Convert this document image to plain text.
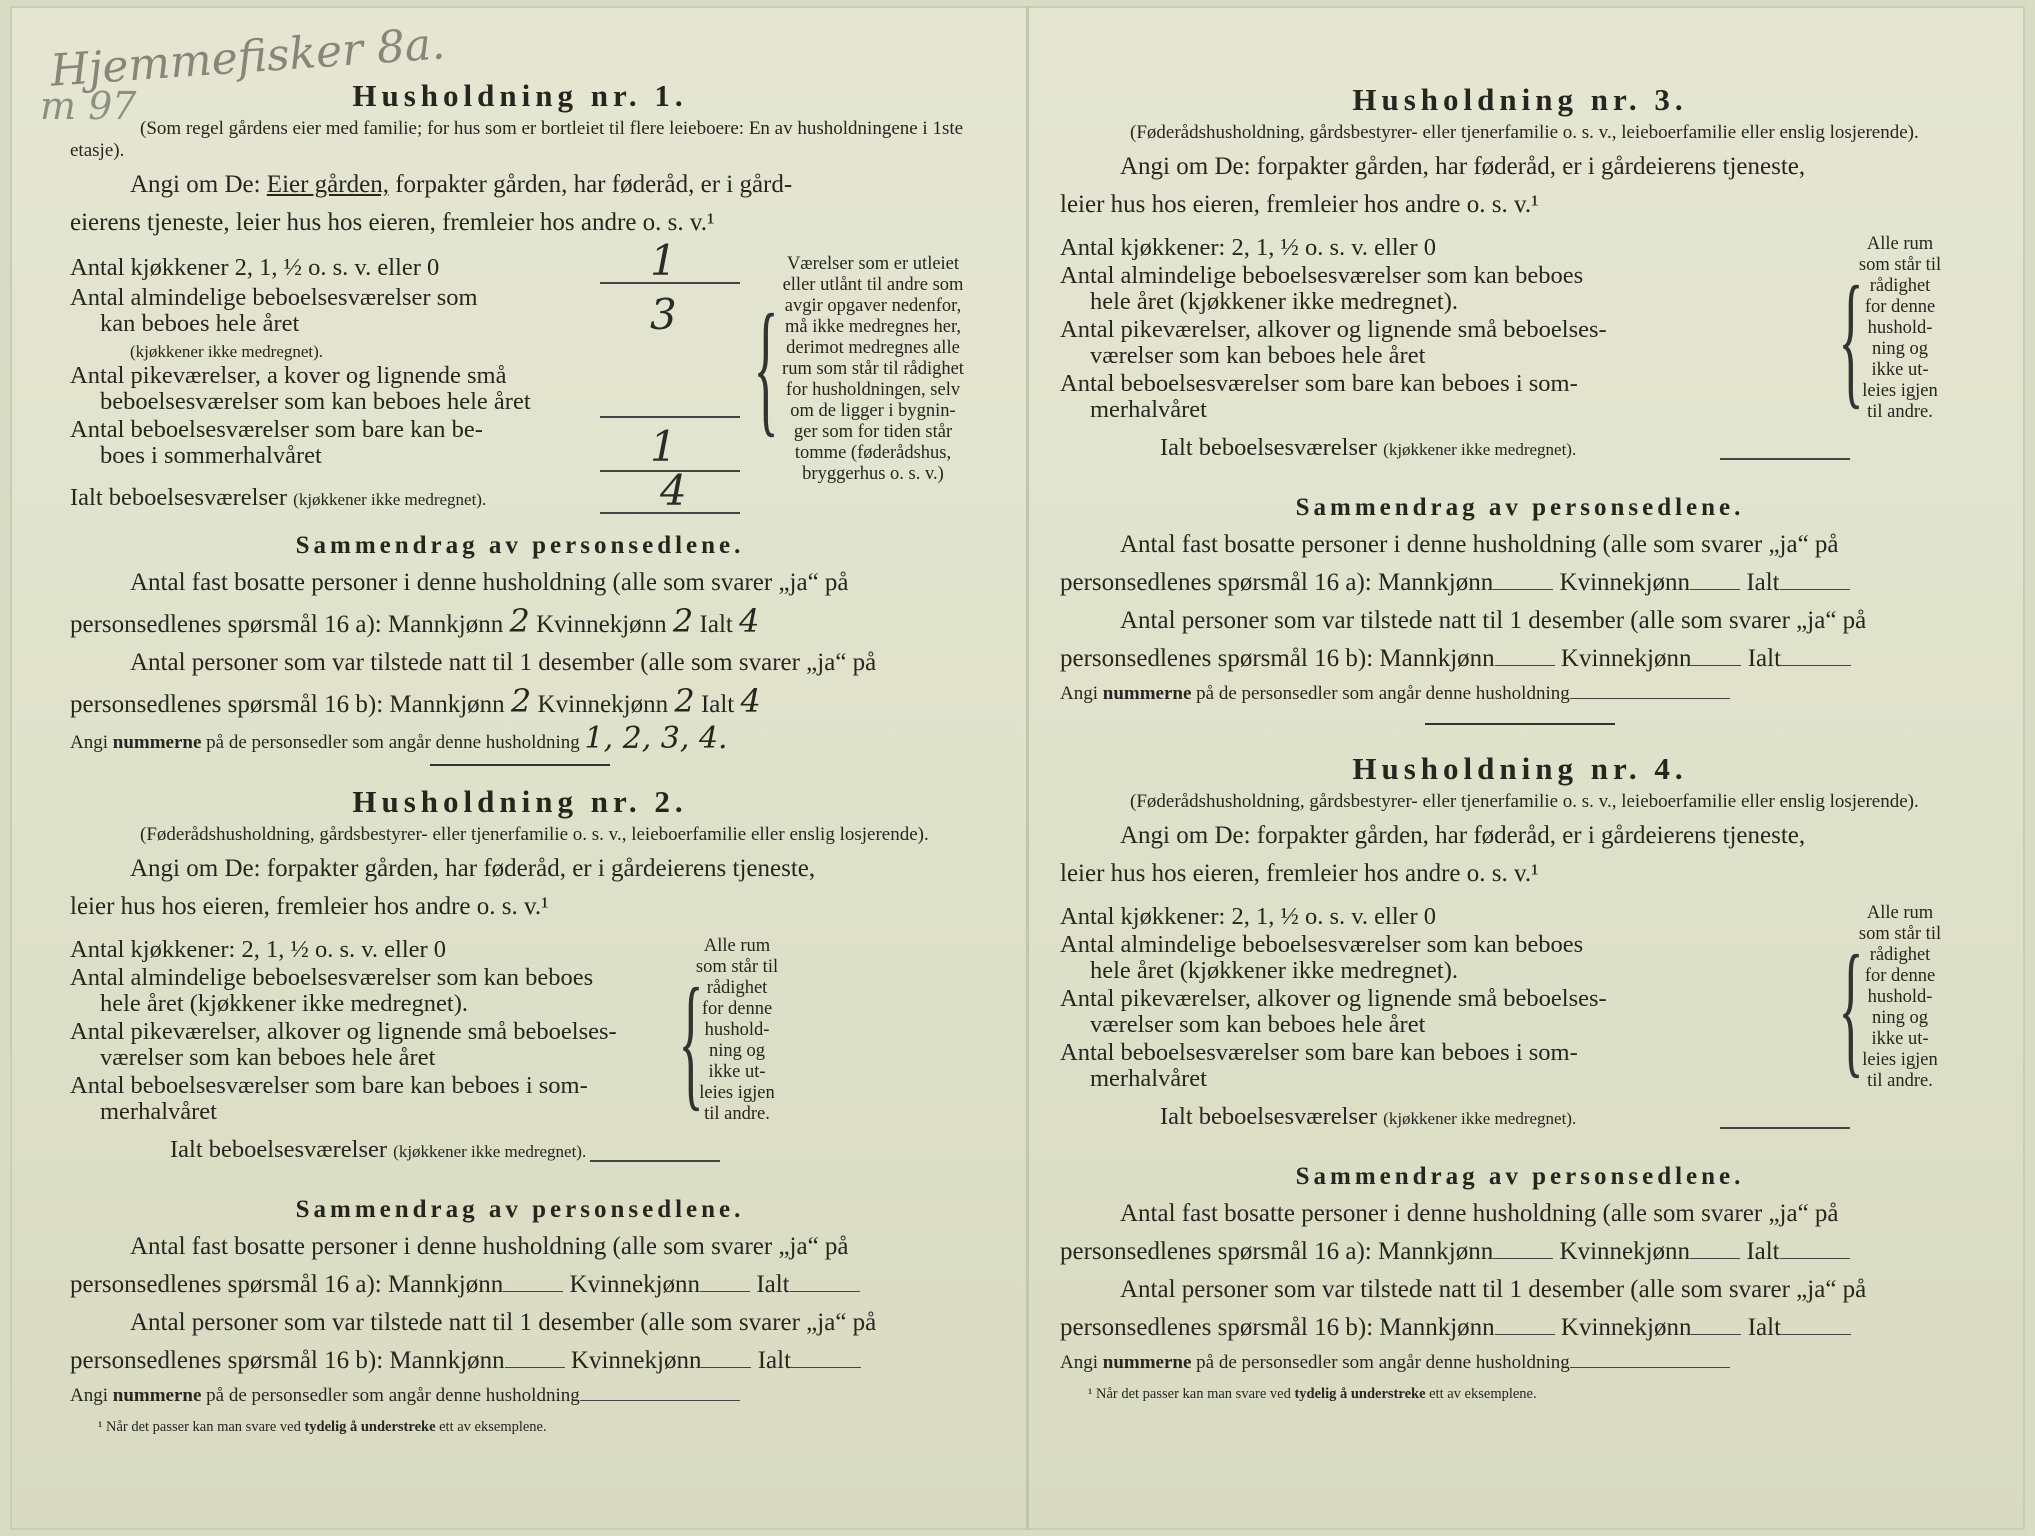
Hjemmefisker 8a.
m 97	Husholdning nr. 1.

(Som regel gårdens eier med familie; for hus som er bortleiet til flere leieboere: En av husholdningene i 1ste etasje).

Angi om De: Eier gården, forpakter gården, har føderåd, er i gård-
eierens tjeneste, leier hus hos eieren, fremleier hos andre o. s. v.¹

Antal kjøkkener 2, 1, ½ o. s. v. eller 0	1
Antal almindelige beboelsesværelser som
kan beboes hele året
(kjøkkener ikke medregnet).
3
Antal pikeværelser, a kover og lignende små
beboelsesværelser som kan beboes hele året
Antal beboelsesværelser som bare kan be-
boes i sommerhalvåret	1
Ialt beboelsesværelser (kjøkkener ikke medregnet).	4
{
Værelser som er utleiet
eller utlånt til andre som
avgir opgaver nedenfor,
må ikke medregnes her,
derimot medregnes alle
rum som står til rådighet
for husholdningen, selv
om de ligger i bygnin-
ger som for tiden står
tomme (føderådshus,
bryggerhus o. s. v.)
Sammendrag av personsedlene.
Antal fast bosatte personer i denne husholdning (alle som svarer „ja“ på
personsedlenes spørsmål 16 a): Mannkjønn 2 Kvinnekjønn 2 Ialt 4
Antal personer som var tilstede natt til 1 desember (alle som svarer „ja“ på
personsedlenes spørsmål 16 b): Mannkjønn 2 Kvinnekjønn 2 Ialt 4
Angi nummerne på de personsedler som angår denne husholdning 1, 2, 3, 4.
Husholdning nr. 2.

(Føderådshusholdning, gårdsbestyrer- eller tjenerfamilie o. s. v., leieboerfamilie eller enslig losjerende).

Angi om De: forpakter gården, har føderåd, er i gårdeierens tjeneste,
leier hus hos eieren, fremleier hos andre o. s. v.¹

Antal kjøkkener: 2, 1, ½ o. s. v. eller 0
Antal almindelige beboelsesværelser som kan beboes
hele året (kjøkkener ikke medregnet).
Antal pikeværelser, alkover og lignende små beboelses-
værelser som kan beboes hele året
Antal beboelsesværelser som bare kan beboes i som-
merhalvåret
Ialt beboelsesværelser (kjøkkener ikke medregnet).
{
Alle rum
som står til
rådighet
for denne
hushold-
ning og
ikke ut-
leies igjen
til andre.
Sammendrag av personsedlene.
Antal fast bosatte personer i denne husholdning (alle som svarer „ja“ på
personsedlenes spørsmål 16 a): Mannkjønn	Kvinnekjønn Ialt
Antal personer som var tilstede natt til 1 desember (alle som svarer „ja“ på
personsedlenes spørsmål 16 b): Mannkjønn	Kvinnekjønn Ialt
Angi nummerne på de personsedler som angår denne husholdning
¹ Når det passer kan man svare ved tydelig å understreke ett av eksemplene.
Husholdning nr. 3.

(Føderådshusholdning, gårdsbestyrer- eller tjenerfamilie o. s. v., leieboerfamilie eller enslig losjerende).

Angi om De: forpakter gården, har føderåd, er i gårdeierens tjeneste,
leier hus hos eieren, fremleier hos andre o. s. v.¹

Antal kjøkkener: 2, 1, ½ o. s. v. eller 0
Antal almindelige beboelsesværelser som kan beboes
hele året (kjøkkener ikke medregnet).
Antal pikeværelser, alkover og lignende små beboelses-
værelser som kan beboes hele året
Antal beboelsesværelser som bare kan beboes i som-
merhalvåret
Ialt beboelsesværelser (kjøkkener ikke medregnet).
{
Alle rum
som står til
rådighet
for denne
hushold-
ning og
ikke ut-
leies igjen
til andre.
Sammendrag av personsedlene.
Antal fast bosatte personer i denne husholdning (alle som svarer „ja“ på
personsedlenes spørsmål 16 a): Mannkjønn	Kvinnekjønn Ialt
Antal personer som var tilstede natt til 1 desember (alle som svarer „ja“ på
personsedlenes spørsmål 16 b): Mannkjønn	Kvinnekjønn Ialt
Angi nummerne på de personsedler som angår denne husholdning
Husholdning nr. 4.

(Føderådshusholdning, gårdsbestyrer- eller tjenerfamilie o. s. v., leieboerfamilie eller enslig losjerende).

Angi om De: forpakter gården, har føderåd, er i gårdeierens tjeneste,
leier hus hos eieren, fremleier hos andre o. s. v.¹

Antal kjøkkener: 2, 1, ½ o. s. v. eller 0
Antal almindelige beboelsesværelser som kan beboes
hele året (kjøkkener ikke medregnet).
Antal pikeværelser, alkover og lignende små beboelses-
værelser som kan beboes hele året
Antal beboelsesværelser som bare kan beboes i som-
merhalvåret
Ialt beboelsesværelser (kjøkkener ikke medregnet).
{
Alle rum
som står til
rådighet
for denne
hushold-
ning og
ikke ut-
leies igjen
til andre.
Sammendrag av personsedlene.
Antal fast bosatte personer i denne husholdning (alle som svarer „ja“ på
personsedlenes spørsmål 16 a): Mannkjønn	Kvinnekjønn Ialt
Antal personer som var tilstede natt til 1 desember (alle som svarer „ja“ på
personsedlenes spørsmål 16 b): Mannkjønn	Kvinnekjønn Ialt
Angi nummerne på de personsedler som angår denne husholdning
¹ Når det passer kan man svare ved tydelig å understreke ett av eksemplene.
